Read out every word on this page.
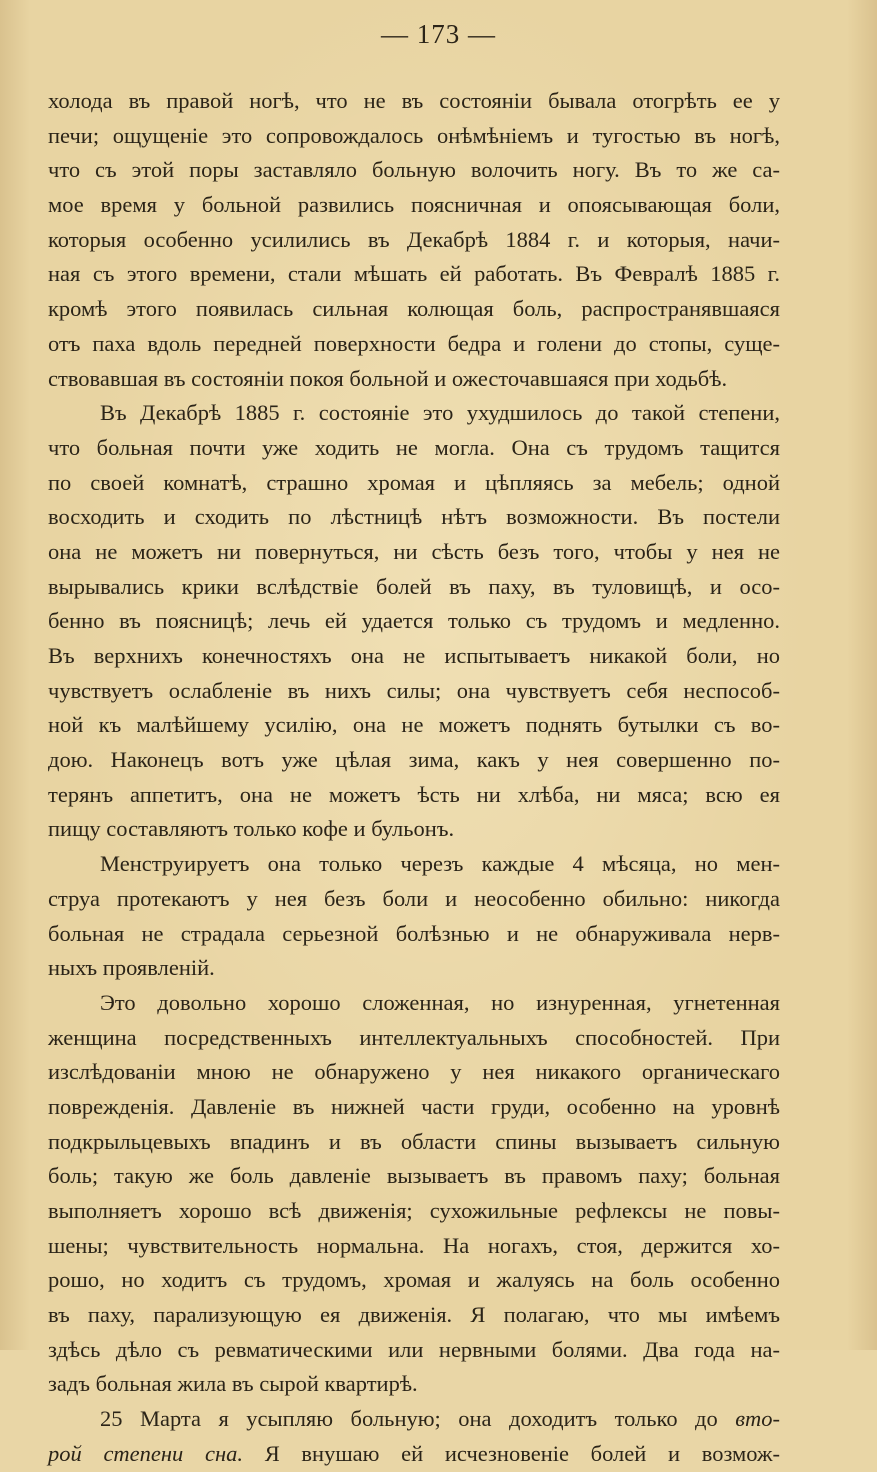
— 173 —
холода въ правой ногѣ, что не въ состояніи бывала отогрѣть ее у
печи; ощущеніе это сопровождалось онѣмѣніемъ и тугостью въ ногѣ,
что съ этой поры заставляло больную волочить ногу. Въ то же са-
мое время у больной развились поясничная и опоясывающая боли,
которыя особенно усилились въ Декабрѣ 1884 г. и которыя, начи-
ная съ этого времени, стали мѣшать ей работать. Въ Февралѣ 1885 г.
кромѣ этого появилась сильная колющая боль, распространявшаяся
отъ паха вдоль передней поверхности бедра и голени до стопы, суще-
ствовавшая въ состояніи покоя больной и ожесточавшаяся при ходьбѣ.
Въ Декабрѣ 1885 г. состояніе это ухудшилось до такой степени,
что больная почти уже ходить не могла. Она съ трудомъ тащится
по своей комнатѣ, страшно хромая и цѣпляясь за мебель; одной
восходить и сходить по лѣстницѣ нѣтъ возможности. Въ постели
она не можетъ ни повернуться, ни сѣсть безъ того, чтобы у нея не
вырывались крики вслѣдствіе болей въ паху, въ туловищѣ, и осо-
бенно въ поясницѣ; лечь ей удается только съ трудомъ и медленно.
Въ верхнихъ конечностяхъ она не испытываетъ никакой боли, но
чувствуетъ ослабленіе въ нихъ силы; она чувствуетъ себя неспособ-
ной къ малѣйшему усилію, она не можетъ поднять бутылки съ во-
дою. Наконецъ вотъ уже цѣлая зима, какъ у нея совершенно по-
терянъ аппетитъ, она не можетъ ѣсть ни хлѣба, ни мяса; всю ея
пищу составляютъ только кофе и бульонъ.
Менструируетъ она только черезъ каждые 4 мѣсяца, но мен-
струа протекаютъ у нея безъ боли и неособенно обильно: никогда
больная не страдала серьезной болѣзнью и не обнаруживала нерв-
ныхъ проявленій.
Это довольно хорошо сложенная, но изнуренная, угнетенная
женщина посредственныхъ интеллектуальныхъ способностей. При
изслѣдованіи мною не обнаружено у нея никакого органическаго
поврежденія. Давленіе въ нижней части груди, особенно на уровнѣ
подкрыльцевыхъ впадинъ и въ области спины вызываетъ сильную
боль; такую же боль давленіе вызываетъ въ правомъ паху; больная
выполняетъ хорошо всѣ движенія; сухожильные рефлексы не повы-
шены; чувствительность нормальна. На ногахъ, стоя, держится хо-
рошо, но ходитъ съ трудомъ, хромая и жалуясь на боль особенно
въ паху, парализующую ея движенія. Я полагаю, что мы имѣемъ
здѣсь дѣло съ ревматическими или нервными болями. Два года на-
задъ больная жила въ сырой квартирѣ.
25 Марта я усыпляю больную; она доходитъ только до вто-
рой степени сна. Я внушаю ей исчезновеніе болей и возмож-
